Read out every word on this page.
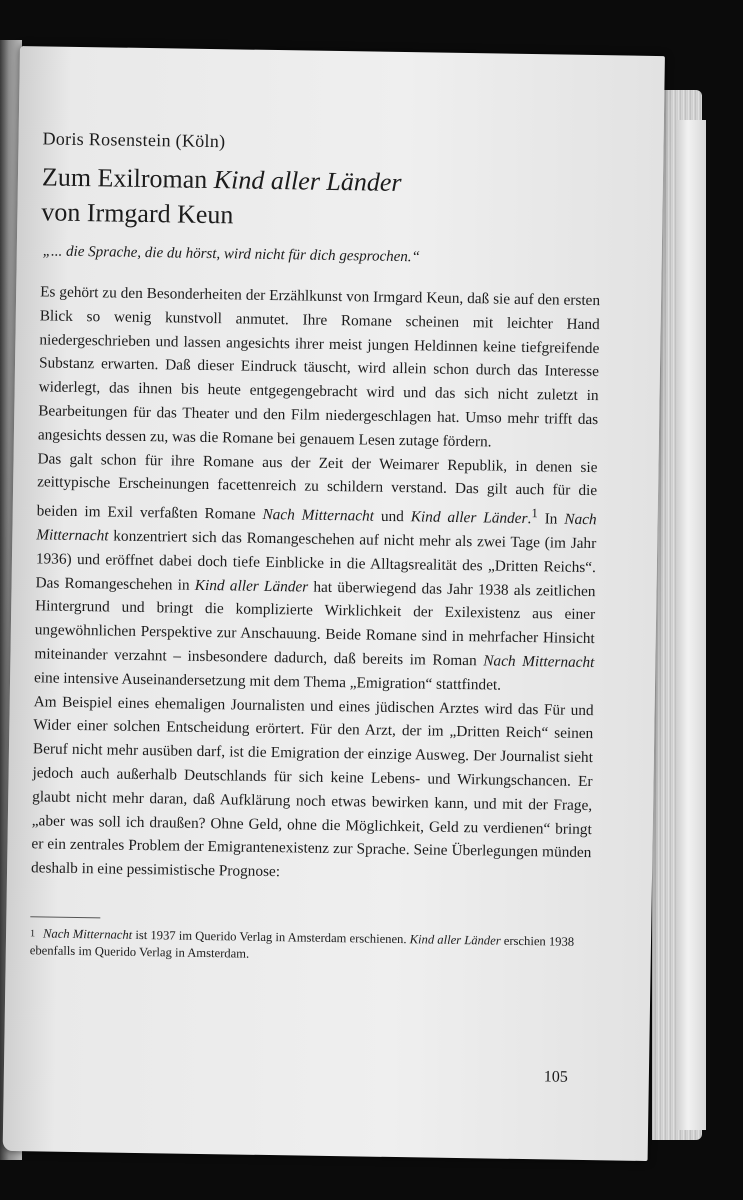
Doris Rosenstein (Köln)
Zum Exilroman Kind aller Länder
von Irmgard Keun

„... die Sprache, die du hörst, wird nicht für dich gesprochen.“

Es gehört zu den Besonderheiten der Erzählkunst von Irmgard Keun, daß sie auf den ersten Blick so wenig kunstvoll anmutet. Ihre Romane scheinen mit leichter Hand niedergeschrieben und lassen angesichts ihrer meist jungen Heldinnen keine tiefgreifende Substanz erwarten. Daß dieser Eindruck täuscht, wird allein schon durch das Interesse widerlegt, das ihnen bis heute entgegengebracht wird und das sich nicht zuletzt in Bearbeitungen für das Theater und den Film niedergeschlagen hat. Umso mehr trifft das angesichts dessen zu, was die Romane bei genauem Lesen zutage fördern.

Das galt schon für ihre Romane aus der Zeit der Weimarer Republik, in denen sie zeittypische Erscheinungen facettenreich zu schildern verstand. Das gilt auch für die beiden im Exil verfaßten Romane Nach Mitternacht und Kind aller Länder.$^1$ In Nach Mitternacht konzentriert sich das Romangeschehen auf nicht mehr als zwei Tage (im Jahr 1936) und eröffnet dabei doch tiefe Einblicke in die Alltagsrealität des „Dritten Reichs“. Das Romangeschehen in Kind aller Länder hat überwiegend das Jahr 1938 als zeitlichen Hintergrund und bringt die komplizierte Wirklichkeit der Exilexistenz aus einer ungewöhnlichen Perspektive zur Anschauung. Beide Romane sind in mehrfacher Hinsicht miteinander verzahnt – insbesondere dadurch, daß bereits im Roman Nach Mitternacht eine intensive Auseinandersetzung mit dem Thema „Emigration“ stattfindet.

Am Beispiel eines ehemaligen Journalisten und eines jüdischen Arztes wird das Für und Wider einer solchen Entscheidung erörtert. Für den Arzt, der im „Dritten Reich“ seinen Beruf nicht mehr ausüben darf, ist die Emigration der einzige Ausweg. Der Journalist sieht jedoch auch außerhalb Deutschlands für sich keine Lebens- und Wirkungschancen. Er glaubt nicht mehr daran, daß Aufklärung noch etwas bewirken kann, und mit der Frage, „aber was soll ich draußen? Ohne Geld, ohne die Möglichkeit, Geld zu verdienen“ bringt er ein zentrales Problem der Emigrantenexistenz zur Sprache. Seine Überlegungen münden deshalb in eine pessimistische Prognose:

$^1$ Nach Mitternacht ist 1937 im Querido Verlag in Amsterdam erschienen. Kind aller Länder erschien 1938 ebenfalls im Querido Verlag in Amsterdam.

105
